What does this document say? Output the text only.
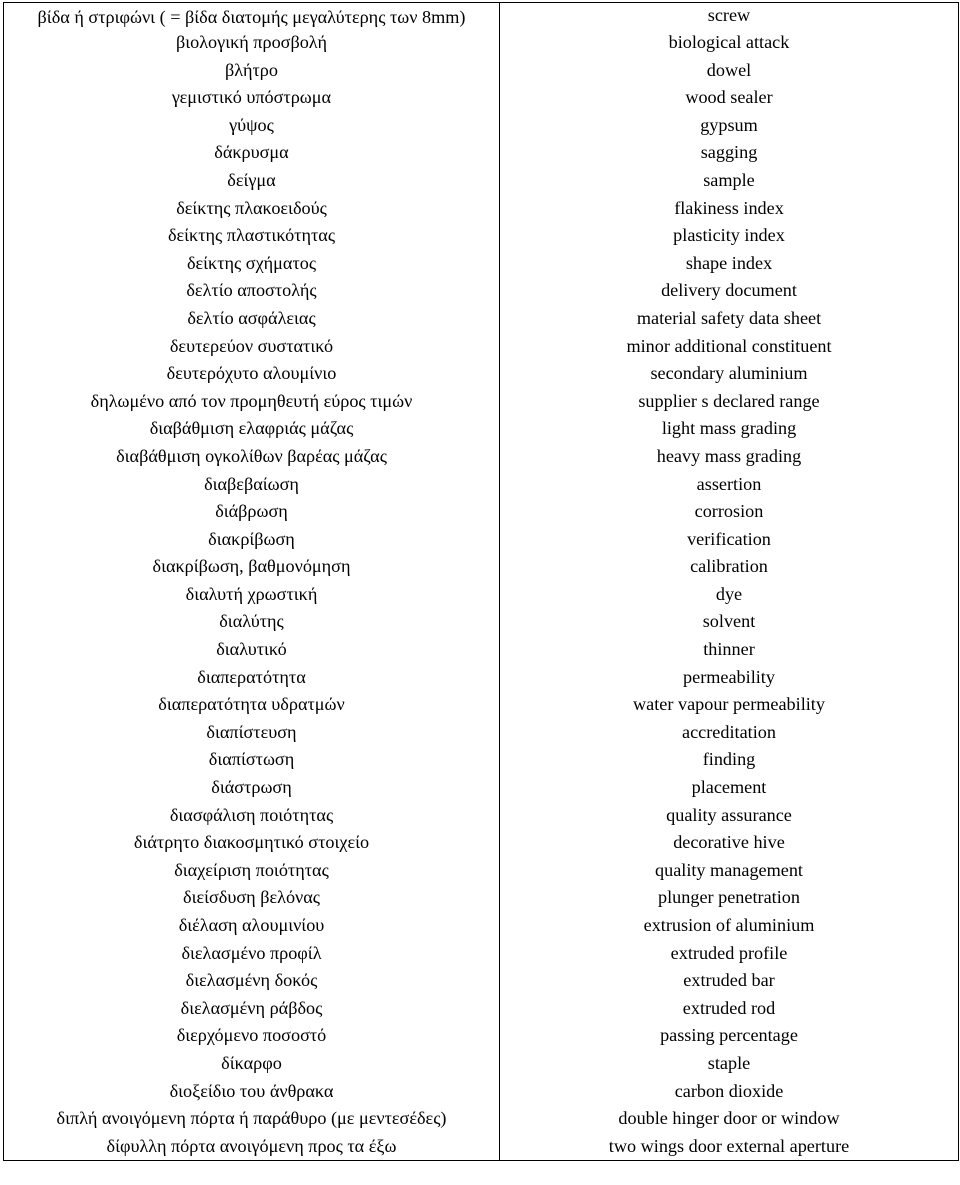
βίδα ή στριφώνι ( = βίδα διατομής μεγαλύτερης των 8mm)	screw
βιολογική προσβολή	biological attack
βλήτρο	dowel
γεμιστικό υπόστρωμα	wood sealer
γύψος	gypsum
δάκρυσμα	sagging
δείγμα	sample
δείκτης πλακοειδούς	flakiness index
δείκτης πλαστικότητας	plasticity index
δείκτης σχήματος	shape index
δελτίο αποστολής	delivery document
δελτίο ασφάλειας	material safety data sheet
δευτερεύον συστατικό	minor additional constituent
δευτερόχυτο αλουμίνιο	secondary aluminium
δηλωμένο από τον προμηθευτή εύρος τιμών	supplier s declared range
διαβάθμιση ελαφριάς μάζας	light mass grading
διαβάθμιση ογκολίθων βαρέας μάζας	heavy mass grading
διαβεβαίωση	assertion
διάβρωση	corrosion
διακρίβωση	verification
διακρίβωση, βαθμονόμηση	calibration
διαλυτή χρωστική	dye
διαλύτης	solvent
διαλυτικό	thinner
διαπερατότητα	permeability
διαπερατότητα υδρατμών	water vapour permeability
διαπίστευση	accreditation
διαπίστωση	finding
διάστρωση	placement
διασφάλιση ποιότητας	quality assurance
διάτρητο διακοσμητικό στοιχείο	decorative hive
διαχείριση ποιότητας	quality management
διείσδυση βελόνας	plunger penetration
διέλαση αλουμινίου	extrusion of aluminium
διελασμένο προφίλ	extruded profile
διελασμένη δοκός	extruded bar
διελασμένη ράβδος	extruded rod
διερχόμενο ποσοστό	passing percentage
δίκαρφο	staple
διοξείδιο του άνθρακα	carbon dioxide
διπλή ανοιγόμενη πόρτα ή παράθυρο (με μεντεσέδες)	double hinger door or window
δίφυλλη πόρτα ανοιγόμενη προς τα έξω	two wings door external aperture
